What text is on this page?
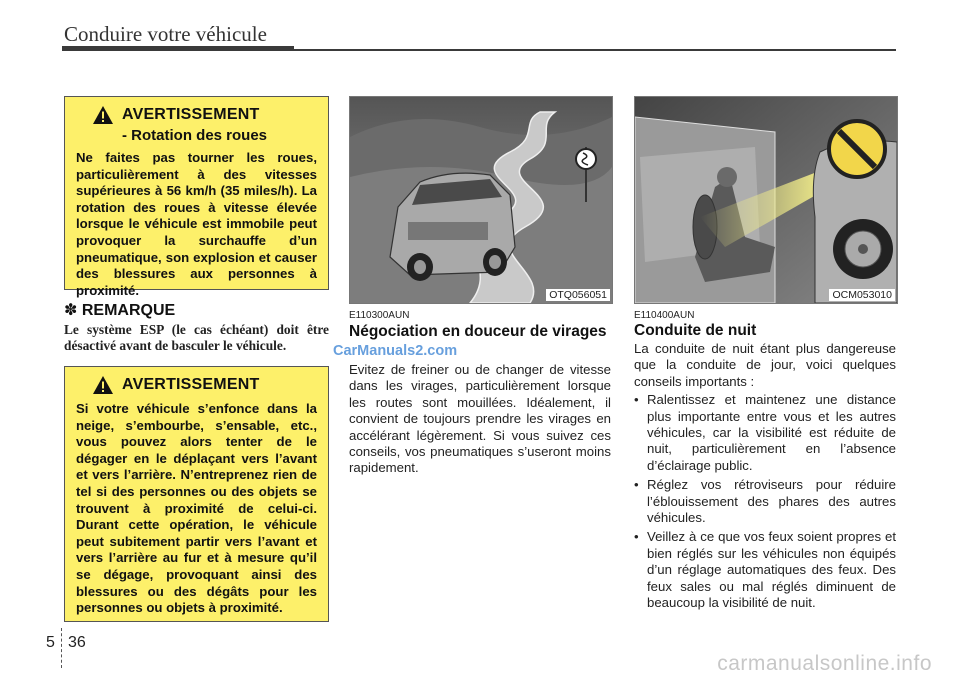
Conduire votre véhicule
AVERTISSEMENT
- Rotation des roues
Ne faites pas tourner les roues, particulièrement à des vitesses supérieures à 56 km/h (35 miles/h). La rotation des roues à vitesse élevée lorsque le véhicule est immobile peut provoquer la surchauffe d’un pneumatique, son explosion et causer des blessures aux personnes à proximité.
✽ REMARQUE
Le système ESP (le cas échéant) doit être désactivé avant de basculer le véhicule.
AVERTISSEMENT
Si votre véhicule s’enfonce dans la neige, s’embourbe, s’ensable, etc., vous pouvez alors tenter de le dégager en le déplaçant vers l’avant et vers l’arrière. N’entreprenez rien de tel si des personnes ou des objets se trouvent à proximité de celui-ci. Durant cette opération, le véhicule peut subitement partir vers l’avant et vers l’arrière au fur et à mesure qu’il se dégage, provoquant ainsi des blessures ou des dégâts pour les personnes ou objets à proximité.
OTQ056051	OCM053010
E110300AUN
Négociation en douceur de virages

Evitez de freiner ou de changer de vitesse dans les virages, particulièrement lorsque les routes sont mouillées. Idéalement, il convient de toujours prendre les virages en accélérant légèrement. Si vous suivez ces conseils, vos pneumatiques s’useront moins rapidement.

E110400AUN
Conduite de nuit

La conduite de nuit étant plus dangereuse que la conduite de jour, voici quelques conseils importants :

• Ralentissez et maintenez une distance plus importante entre vous et les autres véhicules, car la visibilité est réduite de nuit, particulièrement en l’absence d’éclairage public.
• Réglez vos rétroviseurs pour réduire l’éblouissement des phares des autres véhicules.
• Veillez à ce que vos feux soient propres et bien réglés sur les véhicules non équipés d’un réglage automatiques des feux. Des feux sales ou mal réglés diminuent de beaucoup la visibilité de nuit.
CarManuals2.com
5 36
carmanualsonline.info
